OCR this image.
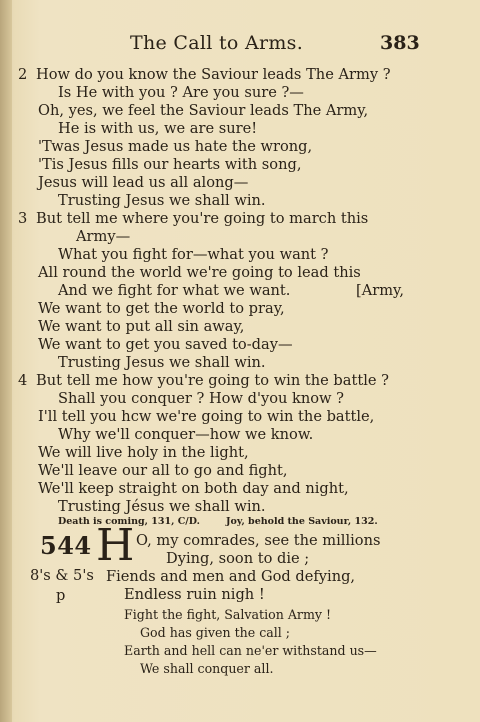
The Call to Arms.	383
2 How do you know the Saviour leads The Army ?
Is He with you ? Are you sure ?—
Oh, yes, we feel the Saviour leads The Army,
He is with us, we are sure!
'Twas Jesus made us hate the wrong,
'Tis Jesus fills our hearts with song,
Jesus will lead us all along—
Trusting Jesus we shall win.
3 But tell me where you're going to march this
Army—
What you fight for—what you want ?
All round the world we're going to lead this
And we fight for what we want.	[Army,
We want to get the world to pray,
We want to put all sin away,
We want to get you saved to-day—
Trusting Jesus we shall win.
4 But tell me how you're going to win the battle ?
Shall you conquer ? How d'you know ?
I'll tell you hcw we're going to win the battle,
Why we'll conquer—how we know.
We will live holy in the light,
We'll leave our all to go and fight,
We'll keep straight on both day and night,
Trusting Jésus we shall win.
Death is coming, 131, C/D.	Joy, behold the Saviour, 132.
544 H O, my comrades, see the millions
Dying, soon to die ;
8's & 5's Fiends and men and God defying,
p	Endless ruin nigh !
Fight the fight, Salvation Army !
God has given the call ;
Earth and hell can ne'er withstand us—
We shall conquer all.
